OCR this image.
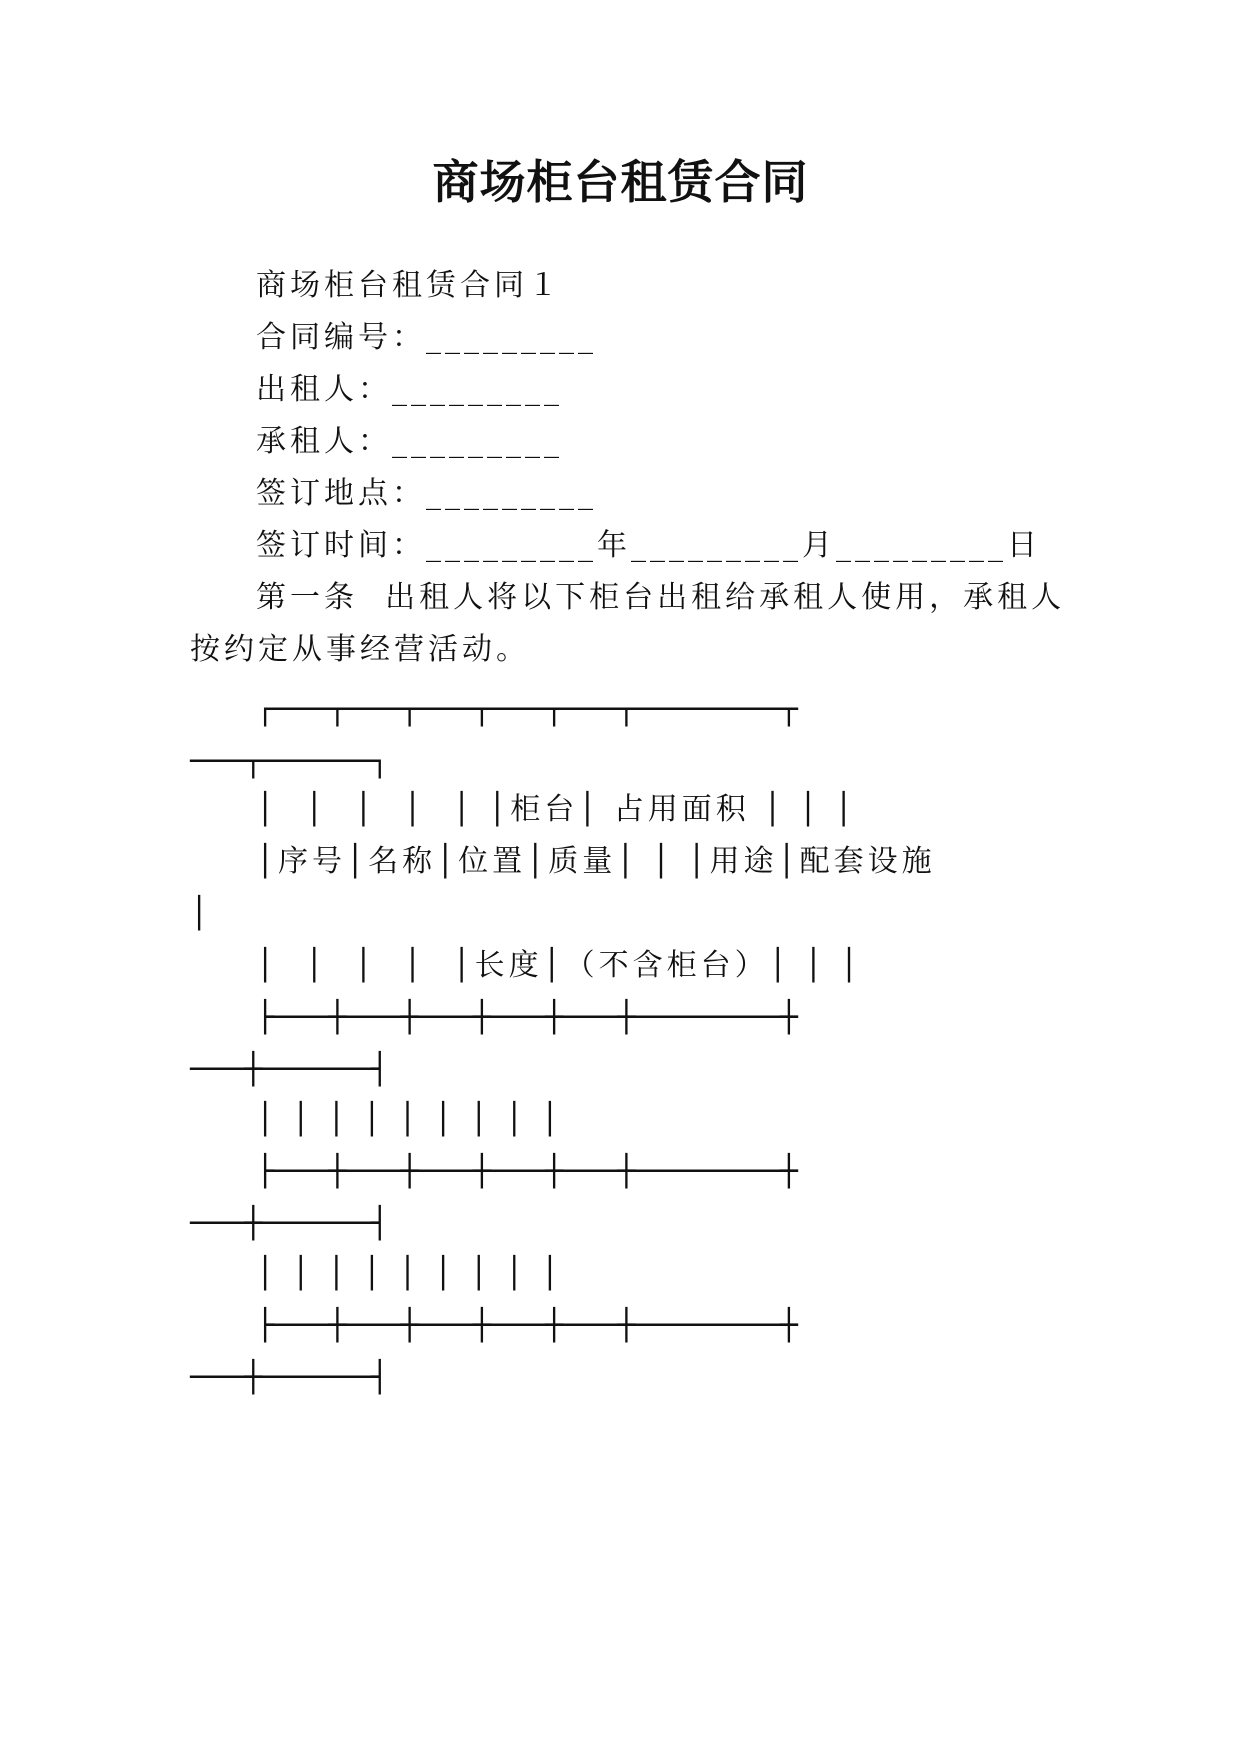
商场柜台租赁合同
商场柜台租赁合同１
合同编号：_________
出租人：_________
承租人：_________
签订地点：_________
签订时间：_________年_________月_________日
第一条  出租人将以下柜台出租给承租人使用，承租人
按约定从事经营活动。
┌───┬───┬───┬───┬───┬────────┬
───┬──────┐
│  │  │  │  │ │柜台│ 占用面积 │ │ │
│序号│名称│位置│质量│ │ │用途│配套设施
│
│  │  │  │  │长度│（不含柜台）│ │ │
├───┼───┼───┼───┼───┼────────┼
───┼──────┤
│ │ │ │ │ │ │ │ │
├───┼───┼───┼───┼───┼────────┼
───┼──────┤
│ │ │ │ │ │ │ │ │
├───┼───┼───┼───┼───┼────────┼
───┼──────┤
